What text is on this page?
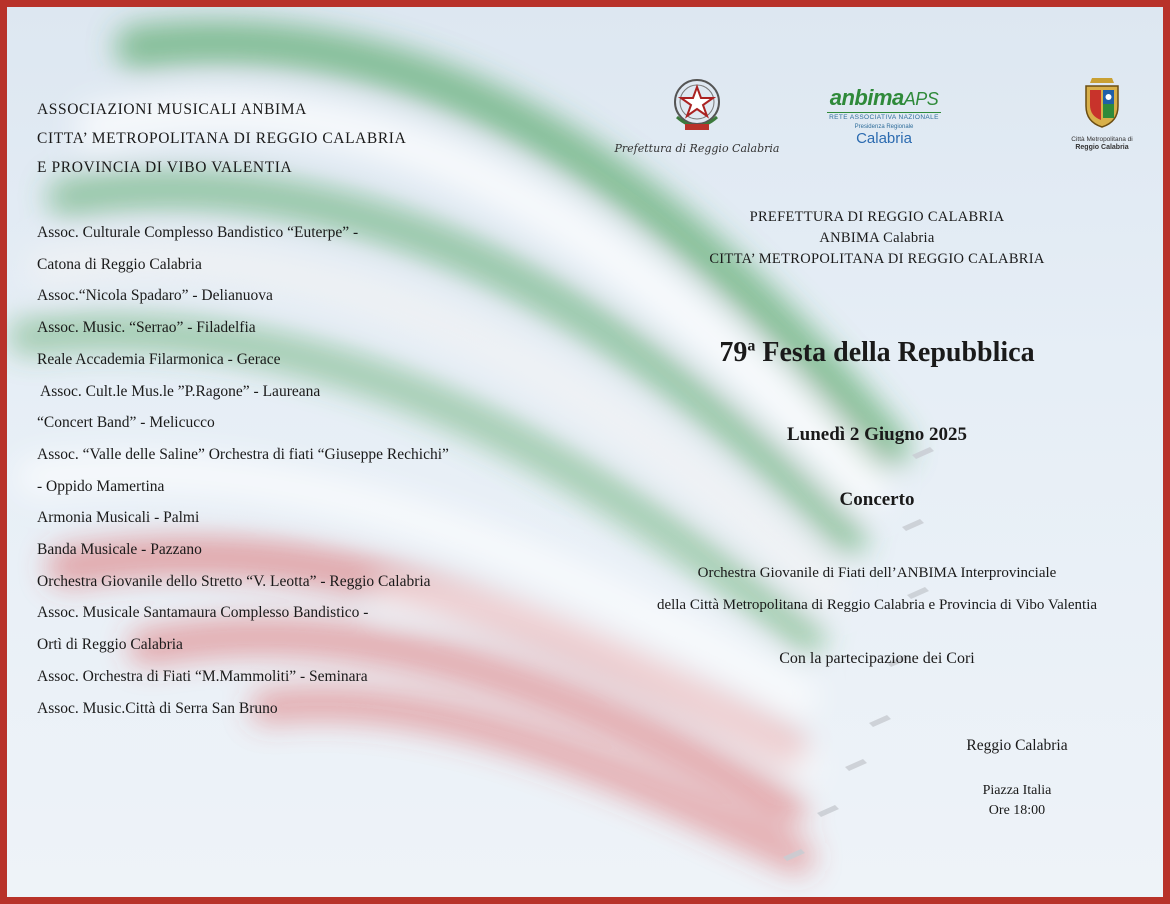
ASSOCIAZIONI MUSICALI ANBIMA
CITTA’ METROPOLITANA DI REGGIO CALABRIA
E PROVINCIA DI VIBO VALENTIA
Assoc. Culturale Complesso Bandistico “Euterpe” -
Catona di Reggio Calabria
Assoc.“Nicola Spadaro” - Delianuova
Assoc. Music. “Serrao” - Filadelfia
Reale Accademia Filarmonica - Gerace
Assoc. Cult.le Mus.le ”P.Ragone” - Laureana
“Concert Band” - Melicucco
Assoc. “Valle delle Saline” Orchestra di fiati “Giuseppe Rechichi”
- Oppido Mamertina
Armonia Musicali - Palmi
Banda Musicale - Pazzano
Orchestra Giovanile dello Stretto “V. Leotta” - Reggio Calabria
Assoc. Musicale Santamaura Complesso Bandistico -
Ortì di Reggio Calabria
Assoc. Orchestra di Fiati “M.Mammoliti” - Seminara
Assoc. Music.Città di Serra San Bruno
Prefettura di Reggio Calabria
anbimaAPS
RETE ASSOCIATIVA NAZIONALE
Presidenza Regionale
Calabria	Città Metropolitana di
Reggio Calabria
PREFETTURA DI REGGIO CALABRIA
ANBIMA Calabria
CITTA’ METROPOLITANA DI REGGIO CALABRIA
79$^a$ Festa della Repubblica
Lunedì 2 Giugno 2025
Concerto
Orchestra Giovanile di Fiati dell’ANBIMA Interprovinciale
della Città Metropolitana di Reggio Calabria e Provincia di Vibo Valentia
Con la partecipazione dei Cori
Reggio Calabria
Piazza Italia
Ore 18:00
